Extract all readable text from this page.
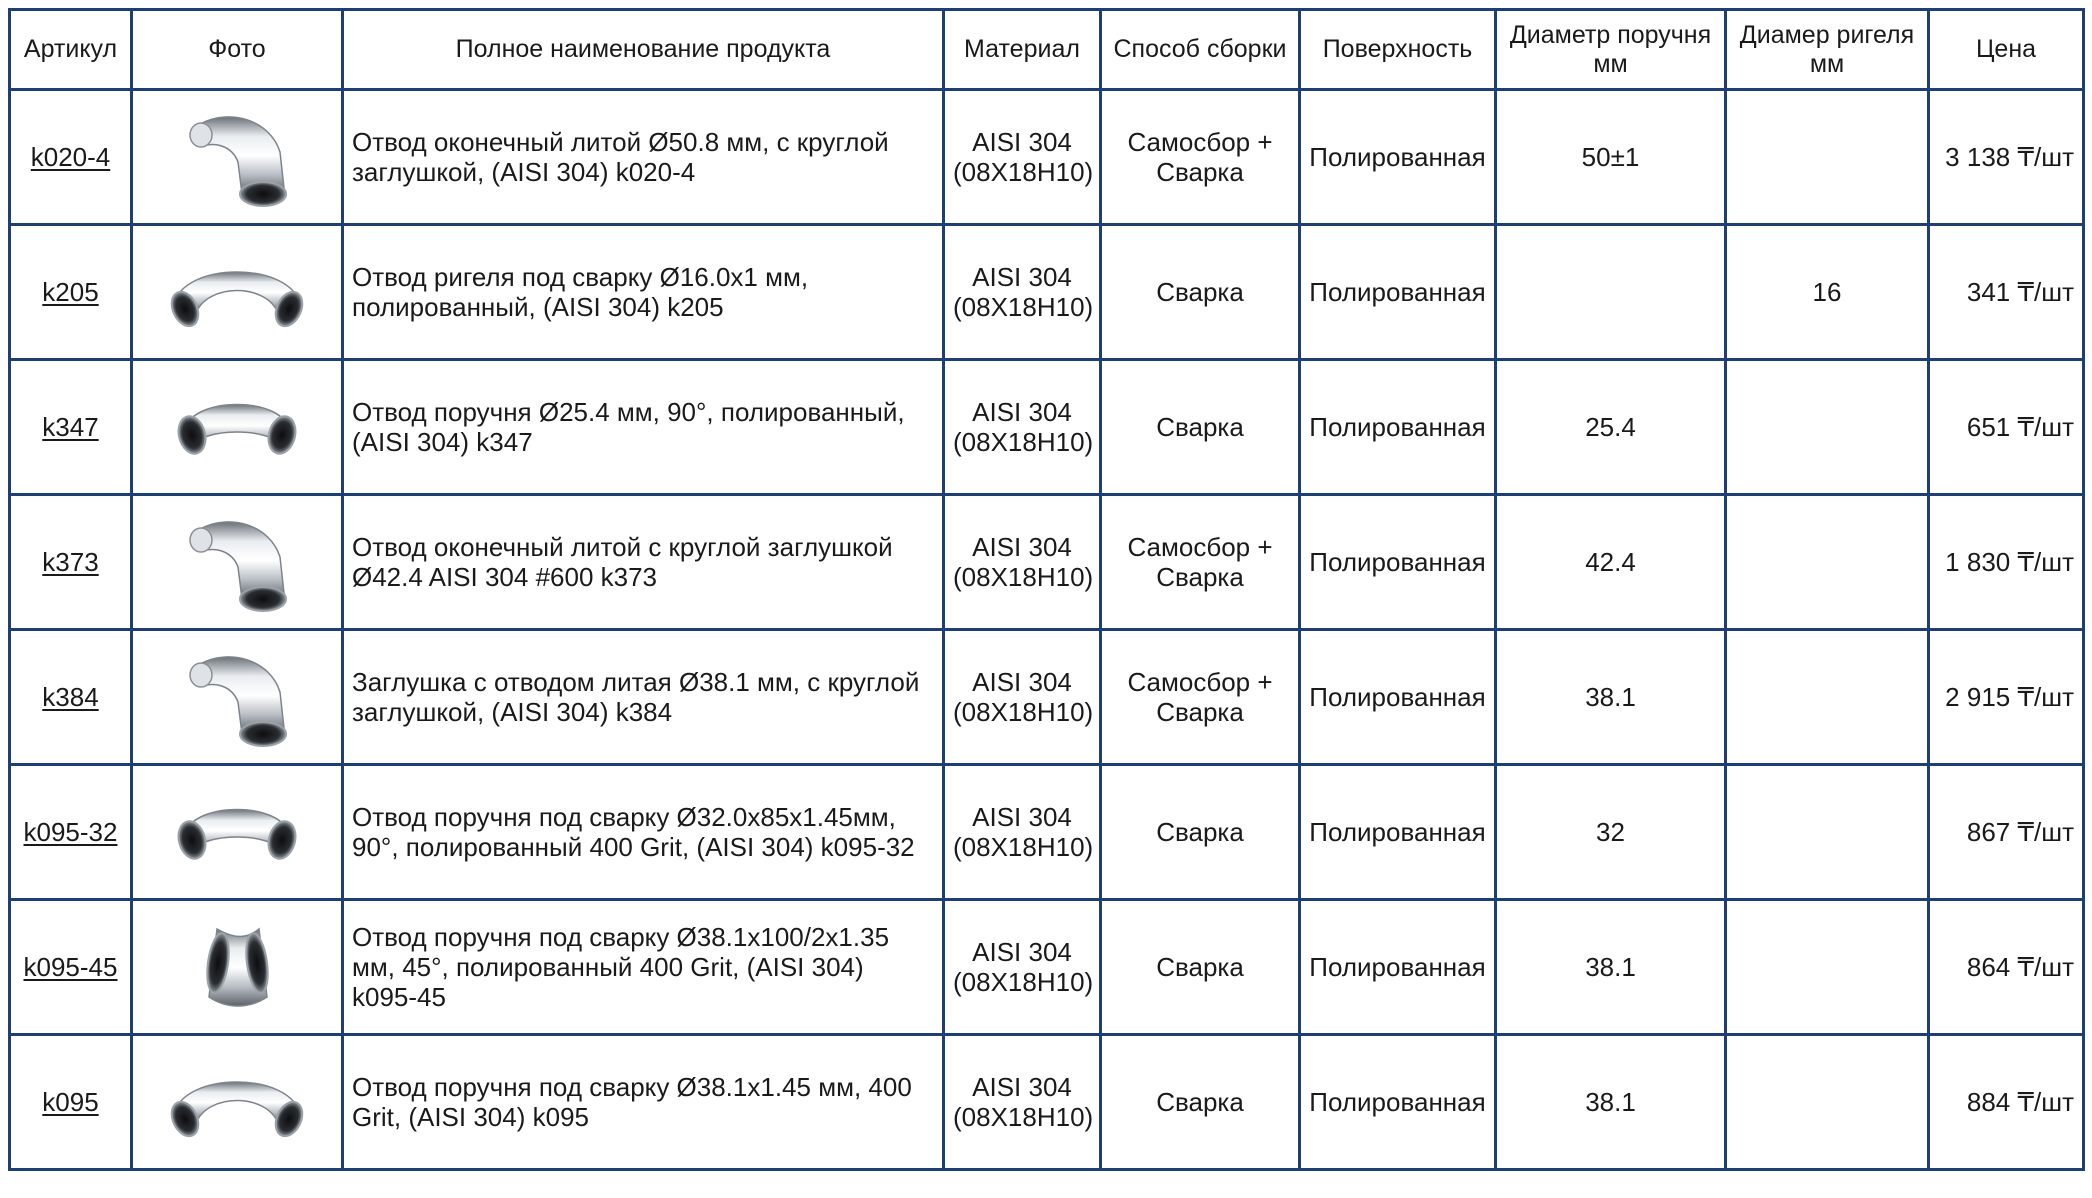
Артикул	Фото	Полное наименование продукта	Материал	Способ сборки	Поверхность	Диаметр поручня мм	Диамер ригеля мм	Цена
k020-4		Отвод оконечный литой Ø50.8 мм, с круглой заглушкой, (AISI 304) k020-4	AISI 304 (08Х18Н10)	Самосбор + Сварка	Полированная	50±1		3 138 ₸/шт
k205		Отвод ригеля под сварку Ø16.0x1 мм, полированный, (AISI 304) k205	AISI 304 (08Х18Н10)	Сварка	Полированная		16	341 ₸/шт
k347		Отвод поручня Ø25.4 мм, 90°, полированный, (AISI 304) k347	AISI 304 (08Х18Н10)	Сварка	Полированная	25.4		651 ₸/шт
k373		Отвод оконечный литой с круглой заглушкой Ø42.4 AISI 304 #600 k373	AISI 304 (08Х18Н10)	Самосбор + Сварка	Полированная	42.4		1 830 ₸/шт
k384		Заглушка с отводом литая Ø38.1 мм, с круглой заглушкой, (AISI 304) k384	AISI 304 (08Х18Н10)	Самосбор + Сварка	Полированная	38.1		2 915 ₸/шт
k095-32		Отвод поручня под сварку Ø32.0x85x1.45мм, 90°, полированный 400 Grit, (AISI 304) k095-32	AISI 304 (08Х18Н10)	Сварка	Полированная	32		867 ₸/шт
k095-45		Отвод поручня под сварку Ø38.1x100/2x1.35 мм, 45°, полированный 400 Grit, (AISI 304) k095-45	AISI 304 (08Х18Н10)	Сварка	Полированная	38.1		864 ₸/шт
k095		Отвод поручня под сварку Ø38.1x1.45 мм, 400 Grit, (AISI 304) k095	AISI 304 (08Х18Н10)	Сварка	Полированная	38.1		884 ₸/шт
